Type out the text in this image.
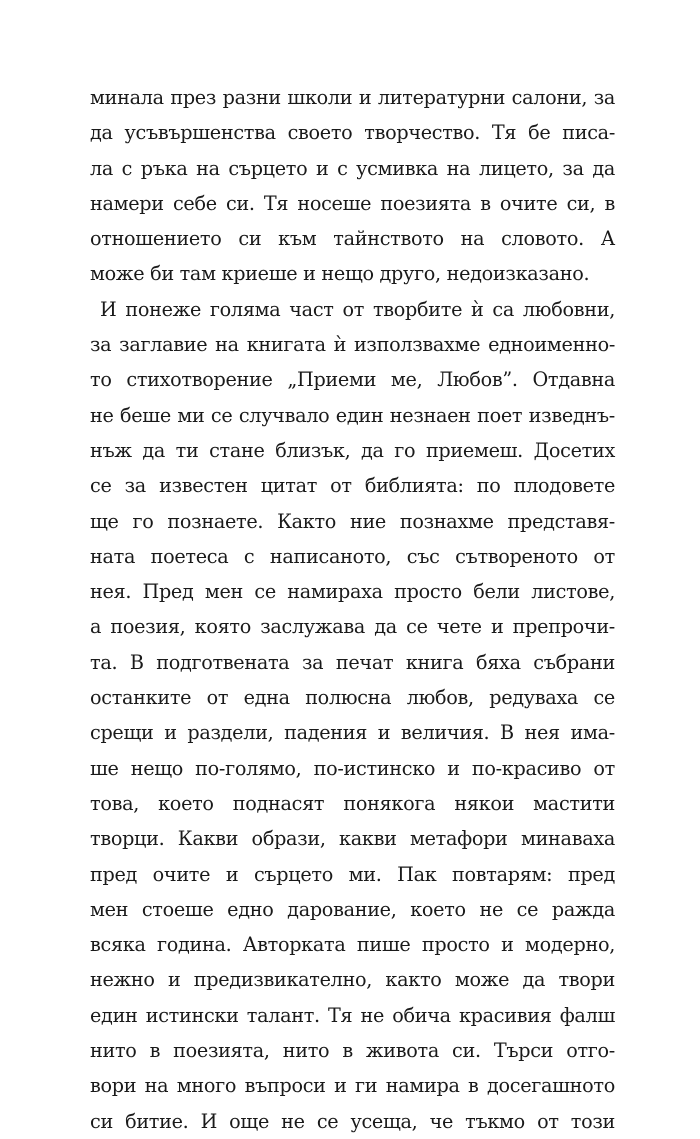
минала през разни школи и литературни салони, за
да усъвършенства своето творчество. Тя бе писа-
ла с ръка на сърцето и с усмивка на лицето, за да
намери себе си. Тя носеше поезията в очите си, в
отношението си към тайнството на словото. А
може би там криеше и нещо друго, недоизказано.
И понеже голяма част от творбите ѝ са любовни,
за заглавие на книгата ѝ използвахме едноименно-
то стихотворение „Приеми ме, Любов”. Отдавна
не беше ми се случвало един незнаен поет изведнъ-
нъж да ти стане близък, да го приемеш. Досетих
се за известен цитат от библията: по плодовете
ще го познаете. Както ние познахме представя-
ната поетеса с написаното, със сътвореното от
нея. Пред мен се намираха просто бели листове,
а поезия, която заслужава да се чете и препрочи-
та. В подготвената за печат книга бяха събрани
останките от една полюсна любов, редуваха се
срещи и раздели, падения и величия. В нея има-
ше нещо по-голямо, по-истинско и по-красиво от
това, което поднасят понякога някои мастити
творци. Какви образи, какви метафори минаваха
пред очите и сърцето ми. Пак повтарям: пред
мен стоеше едно дарование, което не се ражда
всяка година. Авторката пише просто и модерно,
нежно и предизвикателно, както може да твори
един истински талант. Тя не обича красивия фалш
нито в поезията, нито в живота си. Търси отго-
вори на много въпроси и ги намира в досегашното
си битие. И още не се усеща, че тъкмо от този
